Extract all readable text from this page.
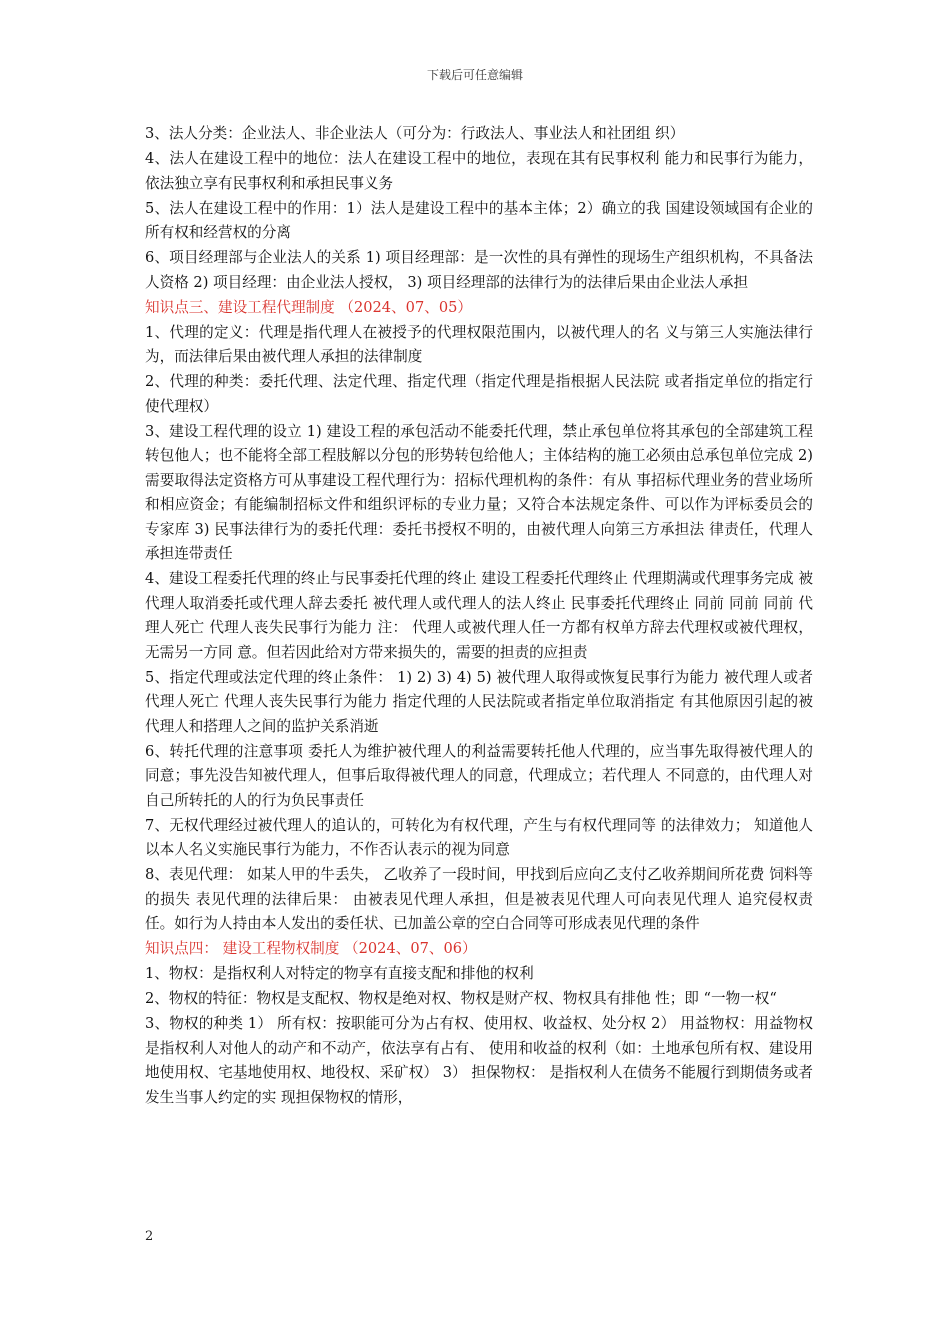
下载后可任意编辑

3、法人分类：企业法人、非企业法人（可分为：行政法人、事业法人和社团组 织）

4、法人在建设工程中的地位：法人在建设工程中的地位，表现在其有民事权利 能力和民事行为能力，依法独立享有民事权利和承担民事义务

5、法人在建设工程中的作用：1）法人是建设工程中的基本主体；2）确立的我 国建设领域国有企业的所有权和经营权的分离

6、项目经理部与企业法人的关系 1) 项目经理部：是一次性的具有弹性的现场生产组织机构，不具备法人资格 2) 项目经理：由企业法人授权， 3) 项目经理部的法律行为的法律后果由企业法人承担

知识点三、建设工程代理制度 （2024、07、05）

1、代理的定义：代理是指代理人在被授予的代理权限范围内，以被代理人的名 义与第三人实施法律行为，而法律后果由被代理人承担的法律制度

2、代理的种类：委托代理、法定代理、指定代理（指定代理是指根据人民法院 或者指定单位的指定行使代理权）

3、建设工程代理的设立 1) 建设工程的承包活动不能委托代理，禁止承包单位将其承包的全部建筑工程转包他人；也不能将全部工程肢解以分包的形势转包给他人；主体结构的施工必须由总承包单位完成 2) 需要取得法定资格方可从事建设工程代理行为：招标代理机构的条件：有从 事招标代理业务的营业场所和相应资金；有能编制招标文件和组织评标的专业力量；又符合本法规定条件、可以作为评标委员会的专家库 3) 民事法律行为的委托代理：委托书授权不明的，由被代理人向第三方承担法 律责任，代理人承担连带责任

4、建设工程委托代理的终止与民事委托代理的终止 建设工程委托代理终止 代理期满或代理事务完成 被代理人取消委托或代理人辞去委托 被代理人或代理人的法人终止 民事委托代理终止 同前 同前 同前 代理人死亡 代理人丧失民事行为能力 注： 代理人或被代理人任一方都有权单方辞去代理权或被代理权，无需另一方同 意。但若因此给对方带来损失的，需要的担责的应担责

5、指定代理或法定代理的终止条件： 1) 2) 3) 4) 5) 被代理人取得或恢复民事行为能力 被代理人或者代理人死亡 代理人丧失民事行为能力 指定代理的人民法院或者指定单位取消指定 有其他原因引起的被代理人和搭理人之间的监护关系消逝

6、转托代理的注意事项 委托人为维护被代理人的利益需要转托他人代理的，应当事先取得被代理人的 同意；事先没告知被代理人，但事后取得被代理人的同意，代理成立；若代理人 不同意的，由代理人对自己所转托的人的行为负民事责任

7、无权代理经过被代理人的追认的，可转化为有权代理，产生与有权代理同等 的法律效力； 知道他人以本人名义实施民事行为能力，不作否认表示的视为同意

8、表见代理： 如某人甲的牛丢失， 乙收养了一段时间，甲找到后应向乙支付乙收养期间所花费 饲料等的损失 表见代理的法律后果： 由被表见代理人承担，但是被表见代理人可向表见代理人 追究侵权责任。如行为人持由本人发出的委任状、已加盖公章的空白合同等可形成表见代理的条件

知识点四： 建设工程物权制度 （2024、07、06）

1、物权：是指权利人对特定的物享有直接支配和排他的权利

2、物权的特征：物权是支配权、物权是绝对权、物权是财产权、物权具有排他 性；即 “一物一权“

3、物权的种类 1） 所有权：按职能可分为占有权、使用权、收益权、处分权 2） 用益物权：用益物权是指权利人对他人的动产和不动产，依法享有占有、 使用和收益的权利（如：土地承包所有权、建设用地使用权、宅基地使用权、地役权、采矿权） 3） 担保物权： 是指权利人在债务不能履行到期债务或者发生当事人约定的实 现担保物权的情形，

2
